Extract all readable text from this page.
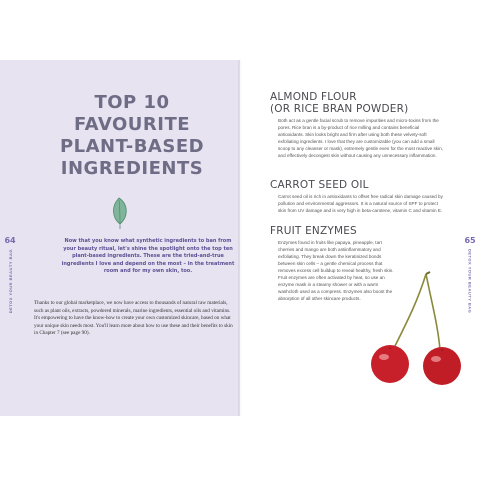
64
DETOX YOUR BEAUTY BAG
65
DETOX YOUR BEAUTY BAG
TOP 10
FAVOURITE
PLANT-BASED
INGREDIENTS
Now that you know what synthetic ingredients to ban from your beauty ritual, let's shine the spotlight onto the top ten plant-based ingredients. These are the tried-and-true ingredients I love and depend on the most – in the treatment room and for my own skin, too.
Thanks to our global marketplace, we now have access to thousands of natural raw materials, such as plant oils, extracts, powdered minerals, marine ingredients, essential oils and vitamins. It's empowering to have the know-how to create your own customized skincare, based on what your unique skin needs most. You'll learn more about how to use these and their benefits to skin in Chapter 7 (see page 90).
ALMOND FLOUR
(OR RICE BRAN POWDER)

Both act as a gentle facial scrub to remove impurities and micro-toxins from the pores. Rice bran is a by-product of rice milling and contains beneficial antioxidants. Skin looks bright and firm after using both these velvety-soft exfoliating ingredients. I love that they are customizable (you can add a small scoop to any cleanser or mask), extremely gentle even for the most reactive skin, and effectively decongest skin without causing any unnecessary inflammation.

CARROT SEED OIL

Carrot seed oil is rich in antioxidants to offset free radical skin damage caused by pollution and environmental aggressors. It is a natural source of SPF to protect skin from UV damage and is very high in beta-carotene, vitamin C and vitamin E.

FRUIT ENZYMES

Enzymes found in fruits like papaya, pineapple, tart cherries and mango are both antiinflammatory and exfoliating. They break down the keratinized bonds between skin cells – a gentle chemical process that removes excess cell buildup to reveal healthy, fresh skin. Fruit enzymes are often activated by heat, so use an enzyme mask in a steamy shower or with a warm washcloth used as a compress. Enzymes also boost the absorption of all other skincare products.
